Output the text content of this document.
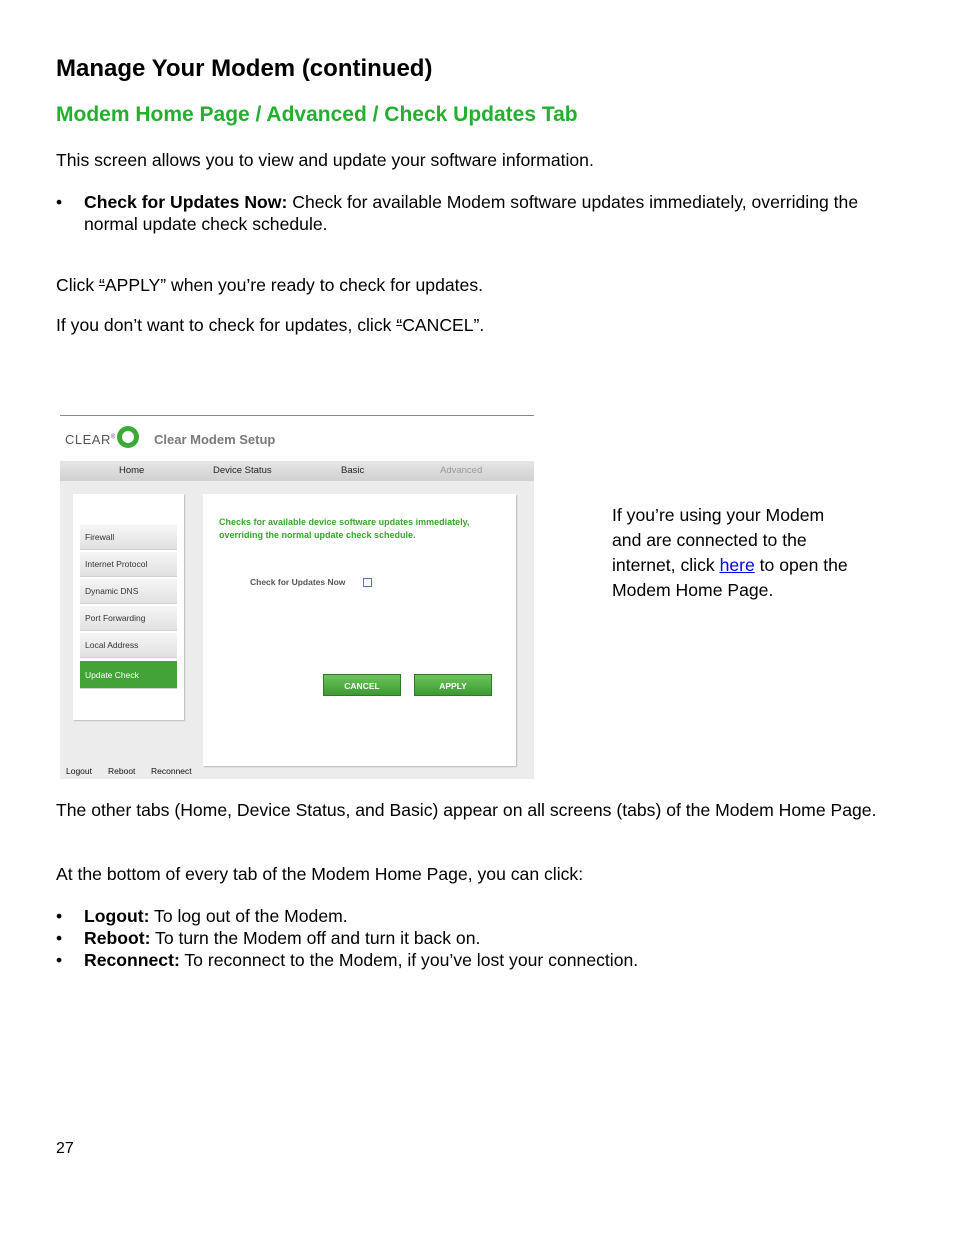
Manage Your Modem (continued)
Modem Home Page / Advanced / Check Updates Tab
This screen allows you to view and update your software information.
• Check for Updates Now: Check for available Modem software updates immediately, overriding the normal update check schedule.
Click “APPLY” when you’re ready to check for updates.
If you don’t want to check for updates, click “CANCEL”.
CLEAR®	Clear Modem Setup
Home	Device Status	Basic	Advanced
Firewall
Internet Protocol
Dynamic DNS
Port Forwarding
Local Address
Update Check
Checks for available device software updates immediately, overriding the normal update check schedule.
Check for Updates Now
CANCEL	APPLY
Logout Reboot Reconnect
If you’re using your Modem and are connected to the internet, click here to open the Modem Home Page.
The other tabs (Home, Device Status, and Basic) appear on all screens (tabs) of the Modem Home Page.
At the bottom of every tab of the Modem Home Page, you can click:
• Logout: To log out of the Modem.
• Reboot: To turn the Modem off and turn it back on.
• Reconnect: To reconnect to the Modem, if you’ve lost your connection.
27
